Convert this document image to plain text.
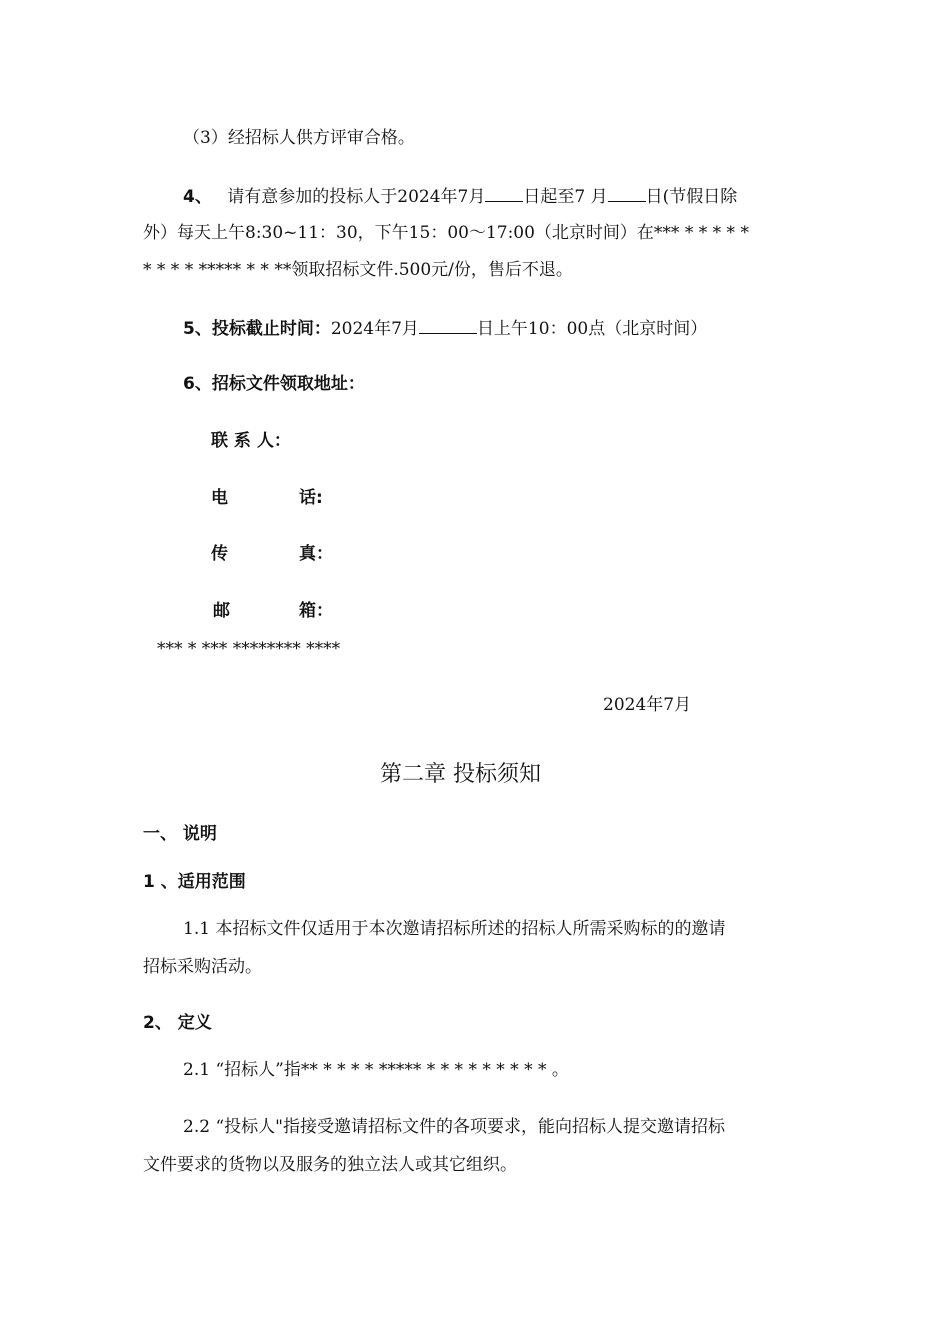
（3）经招标人供方评审合格。
4、 请有意参加的投标人于2024年7月 日起至7 月 日(节假日除
外）每天上午8:30~11：30，下午15：00～17:00（北京时间）在*** * * * * *
* * * * ***** * * **领取招标文件.500元/份，售后不退。
5、投标截止时间：2024年7月	日上午10：00点（北京时间）
6、招标文件领取地址：
联 系 人：
电	话:
传	真：
邮	箱：
*** * *** ******** ****
2024年7月
第二章 投标须知
一、 说明
1 、适用范围
1.1 本招标文件仅适用于本次邀请招标所述的招标人所需采购标的的邀请
招标采购活动。
2、 定义
2.1 “招标人”指** * * * * ***** * * * * * * * * * 。
2.2 “投标人"指接受邀请招标文件的各项要求，能向招标人提交邀请招标
文件要求的货物以及服务的独立法人或其它组织。
